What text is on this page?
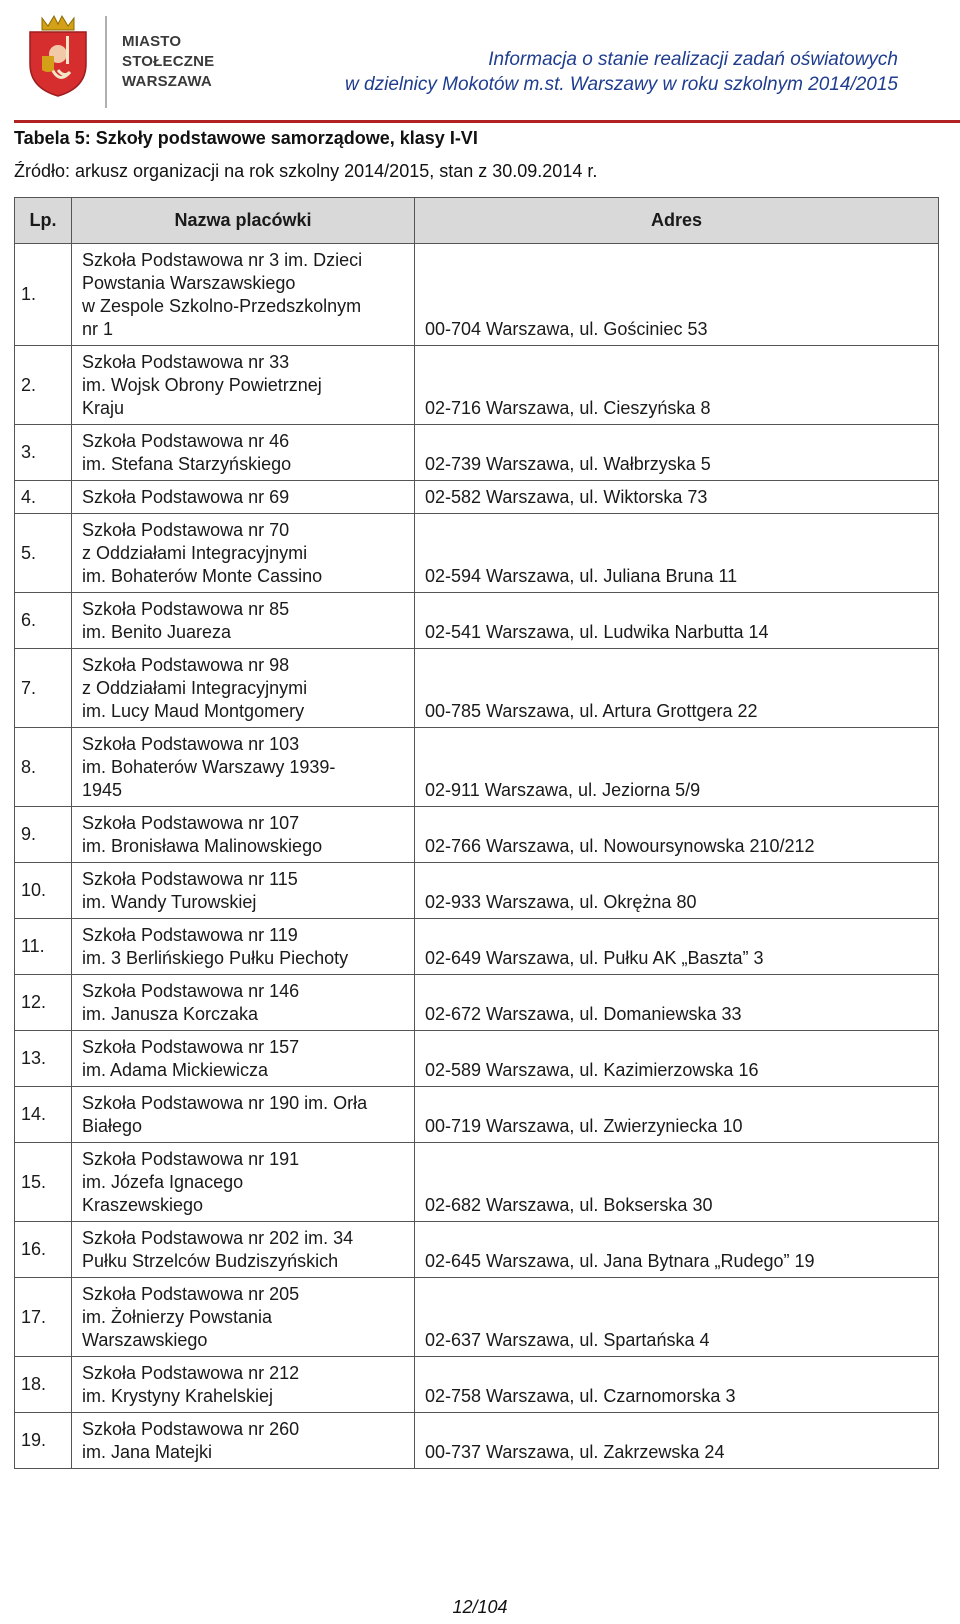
MIASTO
STOŁECZNE
WARSZAWA
Informacja o stanie realizacji zadań oświatowych
w dzielnicy Mokotów m.st. Warszawy w roku szkolnym 2014/2015
Tabela 5: Szkoły podstawowe samorządowe, klasy I-VI
Źródło: arkusz organizacji na rok szkolny 2014/2015, stan z 30.09.2014 r.
Lp.	Nazwa placówki	Adres
1.	Szkoła Podstawowa nr 3 im. Dzieci
Powstania Warszawskiego
w Zespole Szkolno-Przedszkolnym
nr 1	00-704 Warszawa, ul. Gościniec 53
2.	Szkoła Podstawowa nr 33
im. Wojsk Obrony Powietrznej
Kraju	02-716 Warszawa, ul. Cieszyńska 8
3.	Szkoła Podstawowa nr 46
im. Stefana Starzyńskiego	02-739 Warszawa, ul. Wałbrzyska 5
4.	Szkoła Podstawowa nr 69	02-582 Warszawa, ul. Wiktorska 73
5.	Szkoła Podstawowa nr 70
z Oddziałami Integracyjnymi
im. Bohaterów Monte Cassino	02-594 Warszawa, ul. Juliana Bruna 11
6.	Szkoła Podstawowa nr 85
im. Benito Juareza	02-541 Warszawa, ul. Ludwika Narbutta 14
7.	Szkoła Podstawowa nr 98
z Oddziałami Integracyjnymi
im. Lucy Maud Montgomery	00-785 Warszawa, ul. Artura Grottgera 22
8.	Szkoła Podstawowa nr 103
im. Bohaterów Warszawy 1939-
1945	02-911 Warszawa, ul. Jeziorna 5/9
9.	Szkoła Podstawowa nr 107
im. Bronisława Malinowskiego	02-766 Warszawa, ul. Nowoursynowska 210/212
10.	Szkoła Podstawowa nr 115
im. Wandy Turowskiej	02-933 Warszawa, ul. Okrężna 80
11.	Szkoła Podstawowa nr 119
im. 3 Berlińskiego Pułku Piechoty	02-649 Warszawa, ul. Pułku AK „Baszta” 3
12.	Szkoła Podstawowa nr 146
im. Janusza Korczaka	02-672 Warszawa, ul. Domaniewska 33
13.	Szkoła Podstawowa nr 157
im. Adama Mickiewicza	02-589 Warszawa, ul. Kazimierzowska 16
14.	Szkoła Podstawowa nr 190 im. Orła
Białego	00-719 Warszawa, ul. Zwierzyniecka 10
15.	Szkoła Podstawowa nr 191
im. Józefa Ignacego
Kraszewskiego	02-682 Warszawa, ul. Bokserska 30
16.	Szkoła Podstawowa nr 202 im. 34
Pułku Strzelców Budziszyńskich	02-645 Warszawa, ul. Jana Bytnara „Rudego” 19
17.	Szkoła Podstawowa nr 205
im. Żołnierzy Powstania
Warszawskiego	02-637 Warszawa, ul. Spartańska 4
18.	Szkoła Podstawowa nr 212
im. Krystyny Krahelskiej	02-758 Warszawa, ul. Czarnomorska 3
19.	Szkoła Podstawowa nr 260
im. Jana Matejki	00-737 Warszawa, ul. Zakrzewska 24
12/104
